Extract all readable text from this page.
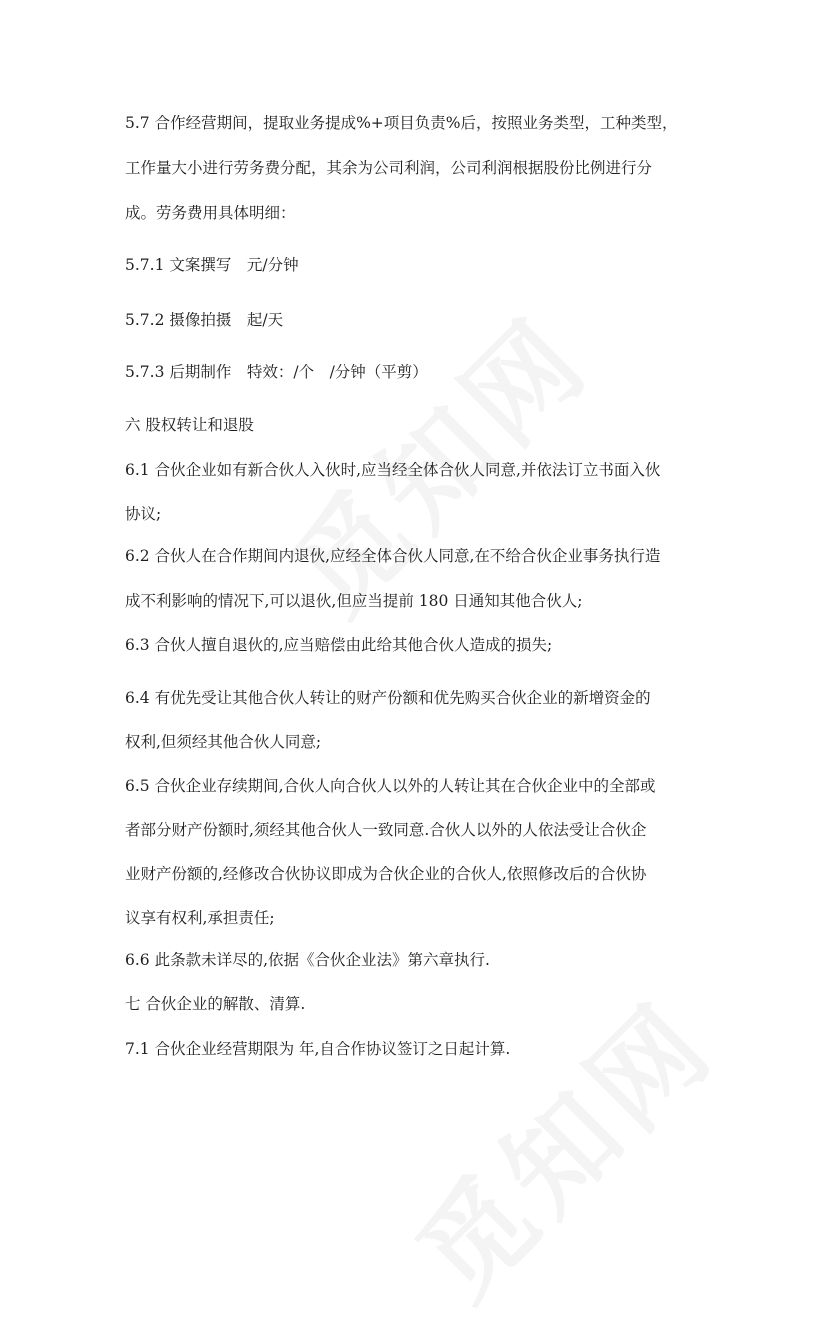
5.7 合作经营期间，提取业务提成%+项目负责%后，按照业务类型，工种类型，
工作量大小进行劳务费分配，其余为公司利润，公司利润根据股份比例进行分
成。劳务费用具体明细：
5.7.1 文案撰写　元/分钟
5.7.2 摄像拍摄　起/天
5.7.3 后期制作　特效：/个　/分钟（平剪）
六 股权转让和退股
6.1 合伙企业如有新合伙人入伙时,应当经全体合伙人同意,并依法订立书面入伙
协议;
6.2 合伙人在合作期间内退伙,应经全体合伙人同意,在不给合伙企业事务执行造
成不利影响的情况下,可以退伙,但应当提前 180 日通知其他合伙人;
6.3 合伙人擅自退伙的,应当赔偿由此给其他合伙人造成的损失;
6.4 有优先受让其他合伙人转让的财产份额和优先购买合伙企业的新增资金的
权利,但须经其他合伙人同意;
6.5 合伙企业存续期间,合伙人向合伙人以外的人转让其在合伙企业中的全部或
者部分财产份额时,须经其他合伙人一致同意.合伙人以外的人依法受让合伙企
业财产份额的,经修改合伙协议即成为合伙企业的合伙人,依照修改后的合伙协
议享有权利,承担责任;
6.6 此条款未详尽的,依据《合伙企业法》第六章执行.
七 合伙企业的解散、清算.
7.1 合伙企业经营期限为 年,自合作协议签订之日起计算.
